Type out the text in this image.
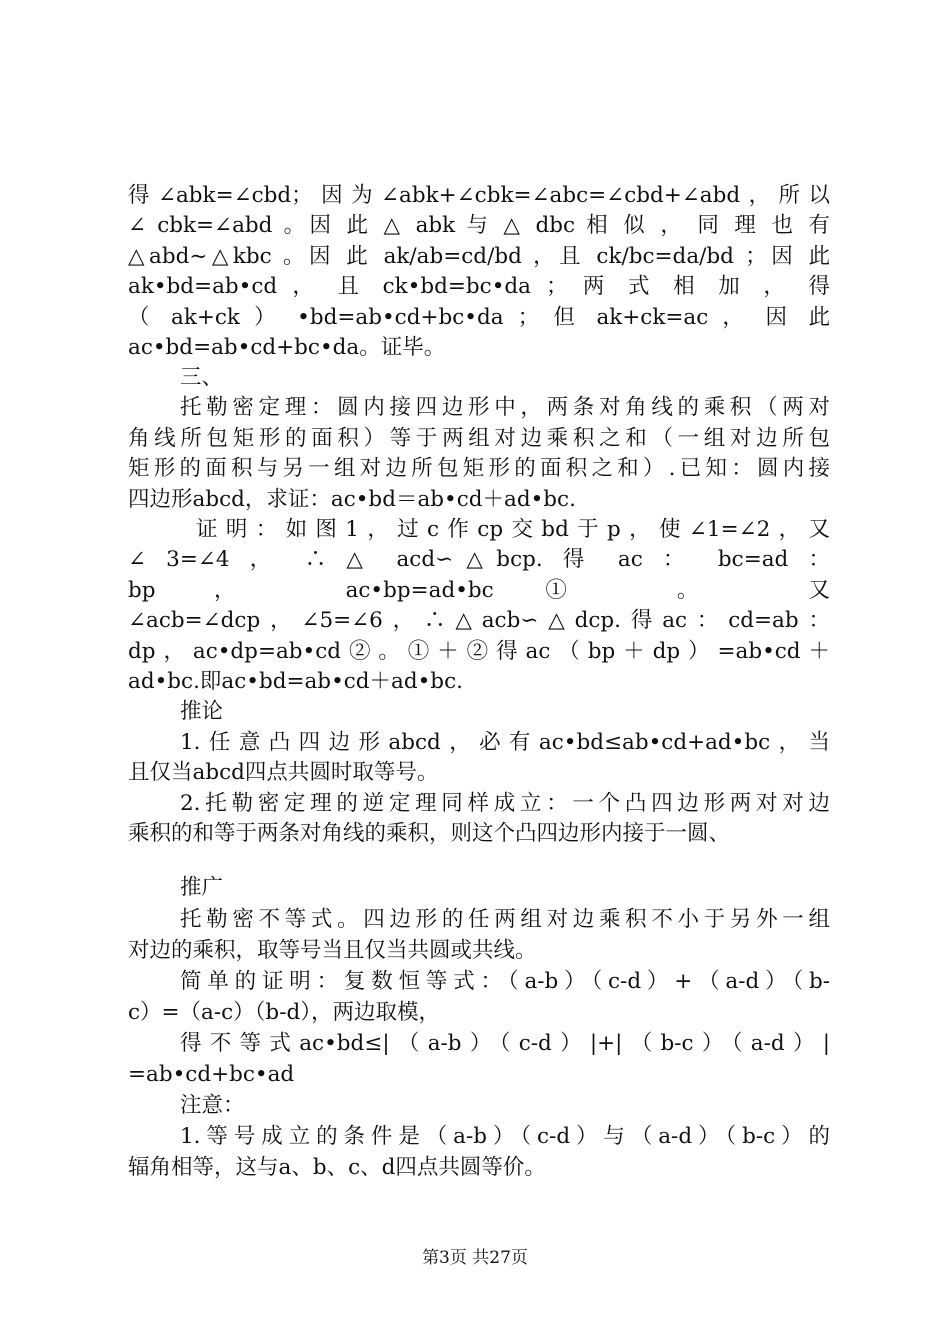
得∠abk=∠cbd；因为∠abk+∠cbk=∠abc=∠cbd+∠abd，所以
∠ cbk=∠abd 。因 此 △ abk 与 △ dbc 相 似 ， 同 理 也 有
△abd~△kbc 。因 此 ak/ab=cd/bd ，且 ck/bc=da/bd ；因 此
ak•bd=ab•cd ， 且 ck•bd=bc•da ； 两 式 相 加 ， 得
（ ak+ck ） •bd=ab•cd+bc•da ； 但 ak+ck=ac ， 因 此
ac•bd=ab•cd+bc•da。证毕。
三、
托勒密定理：圆内接四边形中，两条对角线的乘积（两对
角线所包矩形的面积）等于两组对边乘积之和（一组对边所包
矩形的面积与另一组对边所包矩形的面积之和）.已知：圆内接
四边形abcd，求证：ac•bd＝ab•cd＋ad•bc.
证明：如图1，过c作cp交bd于p，使∠1=∠2，又
∠ 3=∠4 ， ∴ △ acd∽△bcp. 得 ac ： bc=ad ：
bp ， ac•bp=ad•bc① 。 又
∠acb=∠dcp，∠5=∠6，∴△acb∽△dcp.得ac：cd=ab：
dp，ac•dp=ab•cd②。①＋②得ac（bp＋dp）=ab•cd＋
ad•bc.即ac•bd=ab•cd＋ad•bc.
推论
1.任意凸四边形abcd，必有ac•bd≤ab•cd+ad•bc，当
且仅当abcd四点共圆时取等号。
2.托勒密定理的逆定理同样成立：一个凸四边形两对对边
乘积的和等于两条对角线的乘积，则这个凸四边形内接于一圆、
推广
托勒密不等式。四边形的任两组对边乘积不小于另外一组
对边的乘积，取等号当且仅当共圆或共线。
简单的证明：复数恒等式：（a-b）（c-d）+（a-d）（b-
c）=（a-c）（b-d），两边取模，
得不等式ac•bd≤|（a-b）（c-d）|+|（b-c）（a-d）|
=ab•cd+bc•ad
注意：
1.等号成立的条件是（a-b）（c-d）与（a-d）（b-c）的
辐角相等，这与a、b、c、d四点共圆等价。
第3页 共27页
